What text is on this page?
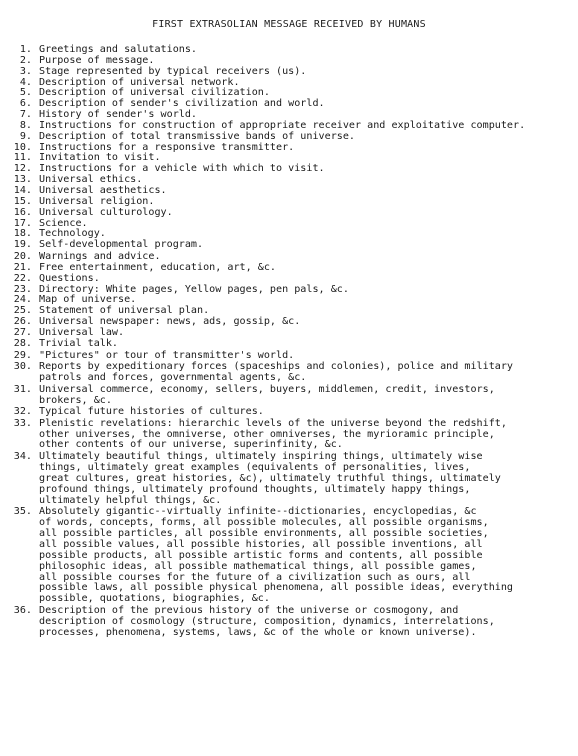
FIRST EXTRASOLIAN MESSAGE RECEIVED BY HUMANS
1. Greetings and salutations.
2. Purpose of message.
3. Stage represented by typical receivers (us).
4. Description of universal network.
5. Description of universal civilization.
6. Description of sender's civilization and world.
7. History of sender's world.
8. Instructions for construction of appropriate receiver and exploitative computer.
9. Description of total transmissive bands of universe.
10. Instructions for a responsive transmitter.
11. Invitation to visit.
12. Instructions for a vehicle with which to visit.
13. Universal ethics.
14. Universal aesthetics.
15. Universal religion.
16. Universal culturology.
17. Science.
18. Technology.
19. Self-developmental program.
20. Warnings and advice.
21. Free entertainment, education, art, &c.
22. Questions.
23. Directory: White pages, Yellow pages, pen pals, &c.
24. Map of universe.
25. Statement of universal plan.
26. Universal newspaper: news, ads, gossip, &c.
27. Universal law.
28. Trivial talk.
29. "Pictures" or tour of transmitter's world.
30. Reports by expeditionary forces (spaceships and colonies), police and military
patrols and forces, governmental agents, &c.
31. Universal commerce, economy, sellers, buyers, middlemen, credit, investors,
brokers, &c.
32. Typical future histories of cultures.
33. Plenistic revelations: hierarchic levels of the universe beyond the redshift,
other universes, the omniverse, other omniverses, the myrioramic principle,
other contents of our universe, superinfinity, &c.
34. Ultimately beautiful things, ultimately inspiring things, ultimately wise
things, ultimately great examples (equivalents of personalities, lives,
great cultures, great histories, &c), ultimately truthful things, ultimately
profound things, ultimately profound thoughts, ultimately happy things,
ultimately helpful things, &c.
35. Absolutely gigantic--virtually infinite--dictionaries, encyclopedias, &c
of words, concepts, forms, all possible molecules, all possible organisms,
all possible particles, all possible environments, all possible societies,
all possible values, all possible histories, all possible inventions, all
possible products, all possible artistic forms and contents, all possible
philosophic ideas, all possible mathematical things, all possible games,
all possible courses for the future of a civilization such as ours, all
possible laws, all possible physical phenomena, all possible ideas, everything
possible, quotations, biographies, &c.
36. Description of the previous history of the universe or cosmogony, and
description of cosmology (structure, composition, dynamics, interrelations,
processes, phenomena, systems, laws, &c of the whole or known universe).
